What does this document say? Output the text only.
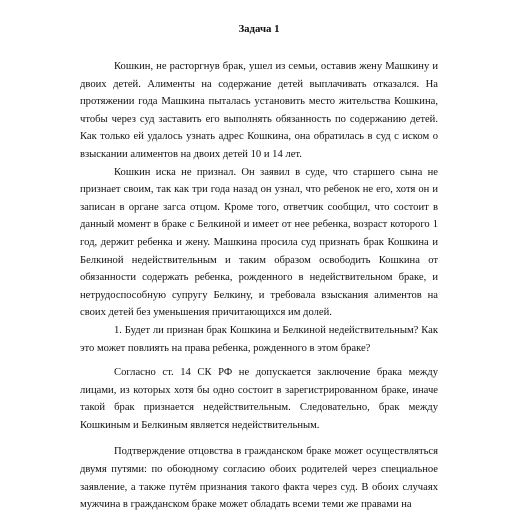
Задача 1

Кошкин, не расторгнув брак, ушел из семьи, оставив жену Машкину и двоих детей. Алименты на содержание детей выплачивать отказался. На протяжении года Машкина пыталась установить место жительства Кошкина, чтобы через суд заставить его выполнять обязанность по содержанию детей. Как только ей удалось узнать адрес Кошкина, она обратилась в суд с иском о взыскании алиментов на двоих детей 10 и 14 лет.

Кошкин иска не признал. Он заявил в суде, что старшего сына не признает своим, так как три года назад он узнал, что ребенок не его, хотя он и записан в органе загса отцом. Кроме того, ответчик сообщил, что состоит в данный момент в браке с Белкиной и имеет от нее ребенка, возраст которого 1 год, держит ребенка и жену. Машкина просила суд признать брак Кошкина и Белкиной недействительным и таким образом освободить Кошкина от обязанности содержать ребенка, рожденного в недействительном браке, и нетрудоспособную супругу Белкину, и требовала взыскания алиментов на своих детей без уменьшения причитающихся им долей.

1. Будет ли признан брак Кошкина и Белкиной недействительным? Как это может повлиять на права ребенка, рожденного в этом браке?

Согласно ст. 14 СК РФ не допускается заключение брака между лицами, из которых хотя бы одно состоит в зарегистрированном браке, иначе такой брак признается недействительным. Следовательно, брак между Кошкиным и Белкиным является недействительным.

Подтверждение отцовства в гражданском браке может осуществляться двумя путями: по обоюдному согласию обоих родителей через специальное заявление, а также путём признания такого факта через суд. В обоих случаях мужчина в гражданском браке может обладать всеми теми же правами на
